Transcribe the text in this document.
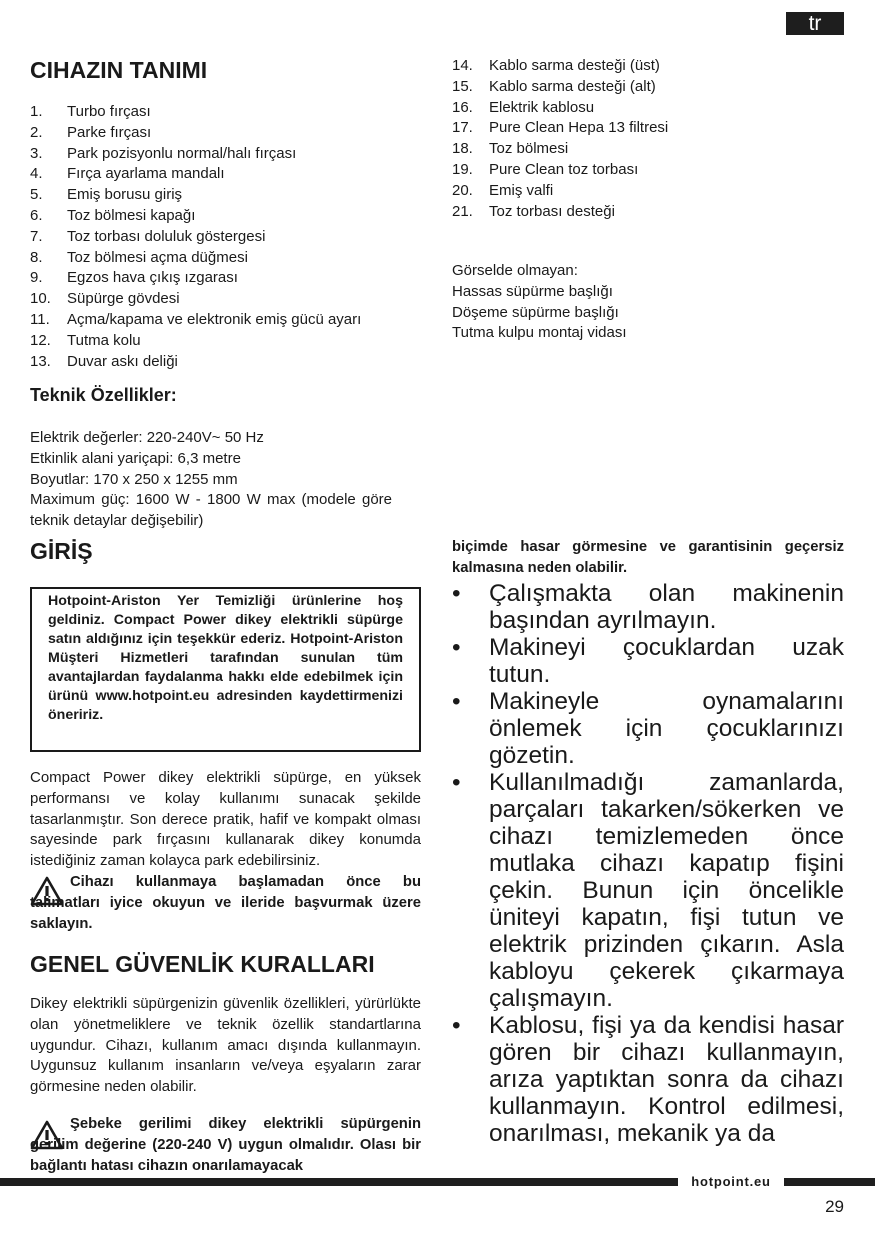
tr
CIHAZIN TANIMI
1. Turbo fırçası
2. Parke fırçası
3. Park pozisyonlu normal/halı fırçası
4. Fırça ayarlama mandalı
5. Emiş borusu giriş
6. Toz bölmesi kapağı
7. Toz torbası doluluk göstergesi
8. Toz bölmesi açma düğmesi
9. Egzos hava çıkış ızgarası
10. Süpürge gövdesi
11. Açma/kapama ve elektronik emiş gücü ayarı
12. Tutma kolu
13. Duvar askı deliği
14. Kablo sarma desteği (üst)
15. Kablo sarma desteği (alt)
16. Elektrik kablosu
17. Pure Clean Hepa 13 filtresi
18. Toz bölmesi
19. Pure Clean toz torbası
20. Emiş valfi
21. Toz torbası desteği
Görselde olmayan:
Hassas süpürme başlığı
Döşeme süpürme başlığı
Tutma kulpu montaj vidası
Teknik Özellikler:
Elektrik değerler: 220-240V~ 50 Hz
Etkinlik alani yariçapi: 6,3 metre
Boyutlar: 170 x 250 x 1255 mm

Maximum güç: 1600 W - 1800 W max (modele göre teknik detaylar değişebilir)

GİRİŞ
Hotpoint-Ariston Yer Temizliği ürünlerine hoş geldiniz. Compact Power dikey elektrikli süpürge satın aldığınız için teşekkür ederiz. Hotpoint-Ariston Müşteri Hizmetleri tarafından sunulan tüm avantajlardan faydalanma hakkı elde edebilmek için ürünü www.hotpoint.eu adresinden kaydettirmenizi öneririz.

Compact Power dikey elektrikli süpürge, en yüksek performansı ve kolay kullanımı sunacak şekilde tasarlanmıştır. Son derece pratik, hafif ve kompakt olması sayesinde park fırçasını kullanarak dikey konumda istediğiniz zaman kolayca park edebilirsiniz.

Cihazı kullanmaya başlamadan önce bu talimatları iyice okuyun ve ileride başvurmak üzere saklayın.

GENEL GÜVENLİK KURALLARI

Dikey elektrikli süpürgenizin güvenlik özellikleri, yürürlükte olan yönetmeliklere ve teknik özellik standartlarına uygundur. Cihazı, kullanım amacı dışında kullanmayın. Uygunsuz kullanım insanların ve/veya eşyaların zarar görmesine neden olabilir.

Şebeke gerilimi dikey elektrikli süpürgenin gerilim değerine (220-240 V) uygun olmalıdır. Olası bir bağlantı hatası cihazın onarılamayacak

biçimde hasar görmesine ve garantisinin geçersiz kalmasına neden olabilir.

•	Çalışmakta olan makinenin başından ayrılmayın.
•	Makineyi çocuklardan uzak tutun.
•	Makineyle oynamalarını önlemek için çocuklarınızı gözetin.
•	Kullanılmadığı zamanlarda, parçaları takarken/sökerken ve cihazı temizlemeden önce mutlaka cihazı kapatıp fişini çekin. Bunun için öncelikle üniteyi kapatın, fişi tutun ve elektrik prizinden çıkarın. Asla kabloyu çekerek çıkarmaya çalışmayın.
•	Kablosu, fişi ya da kendisi hasar gören bir cihazı kullanmayın, arıza yaptıktan sonra da cihazı kullanmayın. Kontrol edilmesi, onarılması, mekanik ya da
hotpoint.eu
29
